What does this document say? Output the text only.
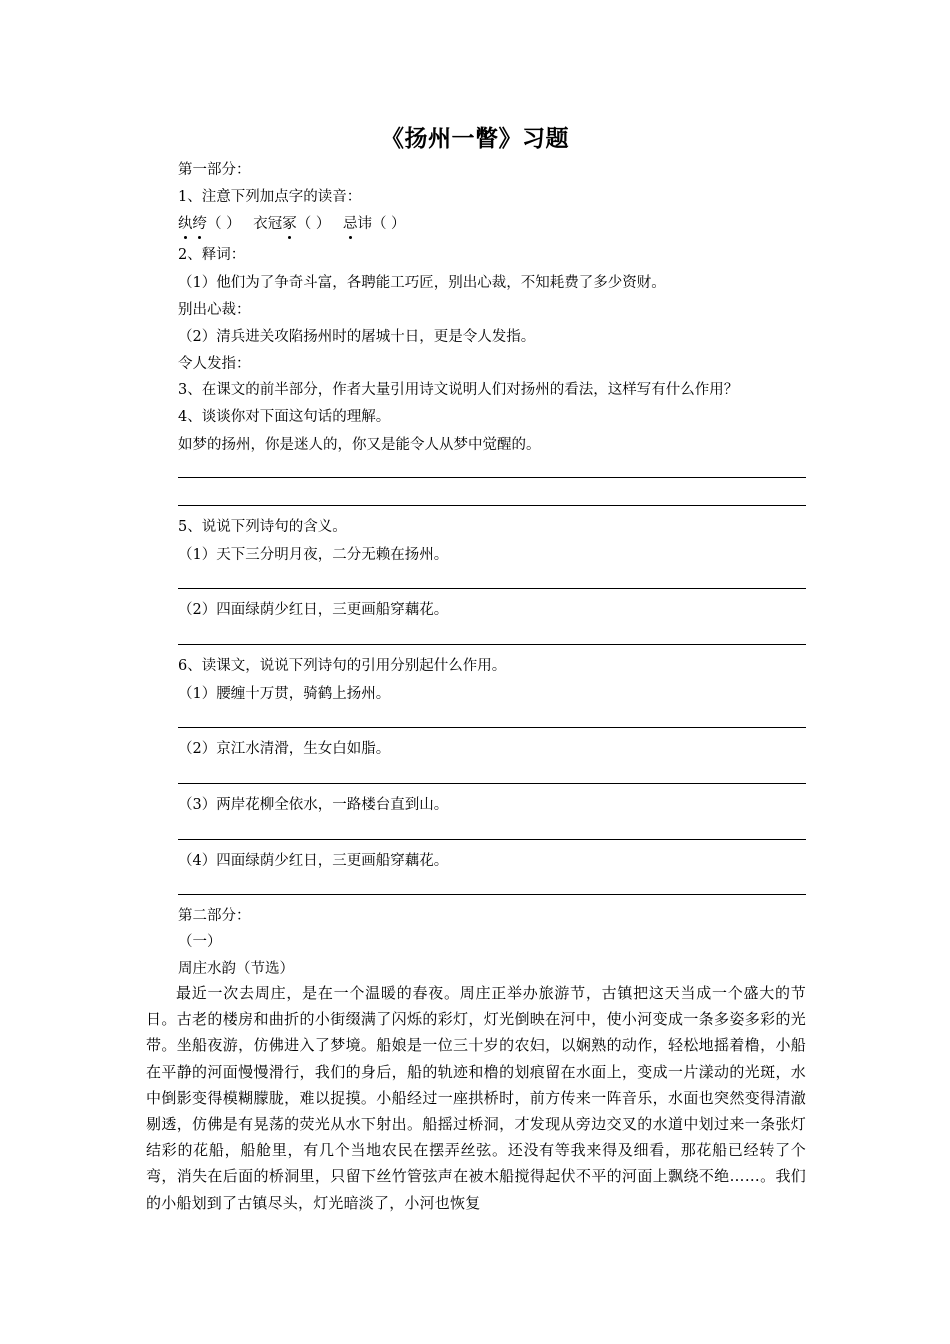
《扬州一瞥》习题
第一部分：
1、注意下列加点字的读音：
纨绔（ ） 衣冠冢（ ） 忌讳（ ）
2、释词：
（1）他们为了争奇斗富，各聘能工巧匠，别出心裁，不知耗费了多少资财。
别出心裁：
（2）清兵进关攻陷扬州时的屠城十日，更是令人发指。
令人发指：
3、在课文的前半部分，作者大量引用诗文说明人们对扬州的看法，这样写有什么作用？
4、谈谈你对下面这句话的理解。
如梦的扬州，你是迷人的，你又是能令人从梦中觉醒的。
5、说说下列诗句的含义。
（1）天下三分明月夜，二分无赖在扬州。
（2）四面绿荫少红日，三更画船穿藕花。
6、读课文，说说下列诗句的引用分别起什么作用。
（1）腰缠十万贯，骑鹤上扬州。
（2）京江水清滑，生女白如脂。
（3）两岸花柳全依水，一路楼台直到山。
（4）四面绿荫少红日，三更画船穿藕花。
第二部分：
（一）
周庄水韵（节选）
最近一次去周庄，是在一个温暖的春夜。周庄正举办旅游节，古镇把这天当成一个盛大的节日。古老的楼房和曲折的小街缀满了闪烁的彩灯，灯光倒映在河中，使小河变成一条多姿多彩的光带。坐船夜游，仿佛进入了梦境。船娘是一位三十岁的农妇，以娴熟的动作，轻松地摇着橹，小船在平静的河面慢慢滑行，我们的身后，船的轨迹和橹的划痕留在水面上，变成一片漾动的光斑，水中倒影变得模糊朦胧，难以捉摸。小船经过一座拱桥时，前方传来一阵音乐，水面也突然变得清澈剔透，仿佛是有晃荡的荧光从水下射出。船摇过桥洞，才发现从旁边交叉的水道中划过来一条张灯结彩的花船，船舱里，有几个当地农民在摆弄丝弦。还没有等我来得及细看，那花船已经转了个弯，消失在后面的桥洞里，只留下丝竹管弦声在被木船搅得起伏不平的河面上飘绕不绝……。我们的小船划到了古镇尽头，灯光暗淡了，小河也恢复
